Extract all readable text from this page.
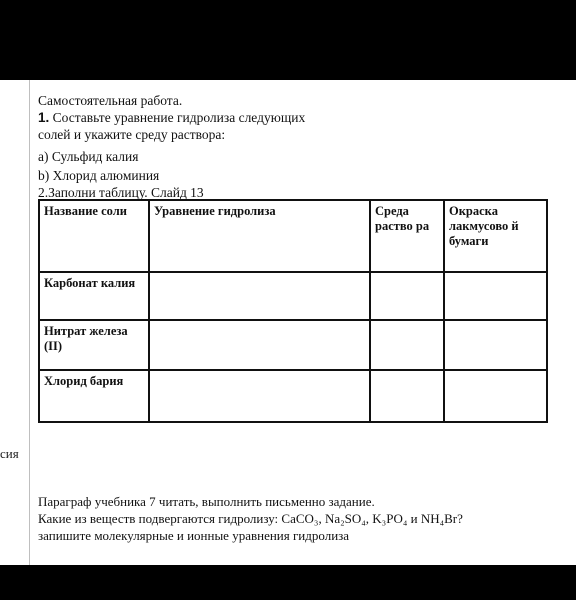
сия
Самостоятельная работа.
1. Составьте уравнение гидролиза следующих
солей и укажите среду раствора:
а) Сульфид калия
b) Хлорид алюминия
2.Заполни таблицу. Слайд 13
Название соли	Уравнение гидролиза	Среда раство ра	Окраска лакмусово й бумаги
Карбонат калия			
Нитрат железа (II)			
Хлорид бария			
Параграф учебника 7 читать, выполнить письменно задание.
Какие из веществ подвергаются гидролизу: CaCO₃, Na₂SO₄, K₃PO₄ и NH₄Br?
запишите молекулярные и ионные уравнения гидролиза
